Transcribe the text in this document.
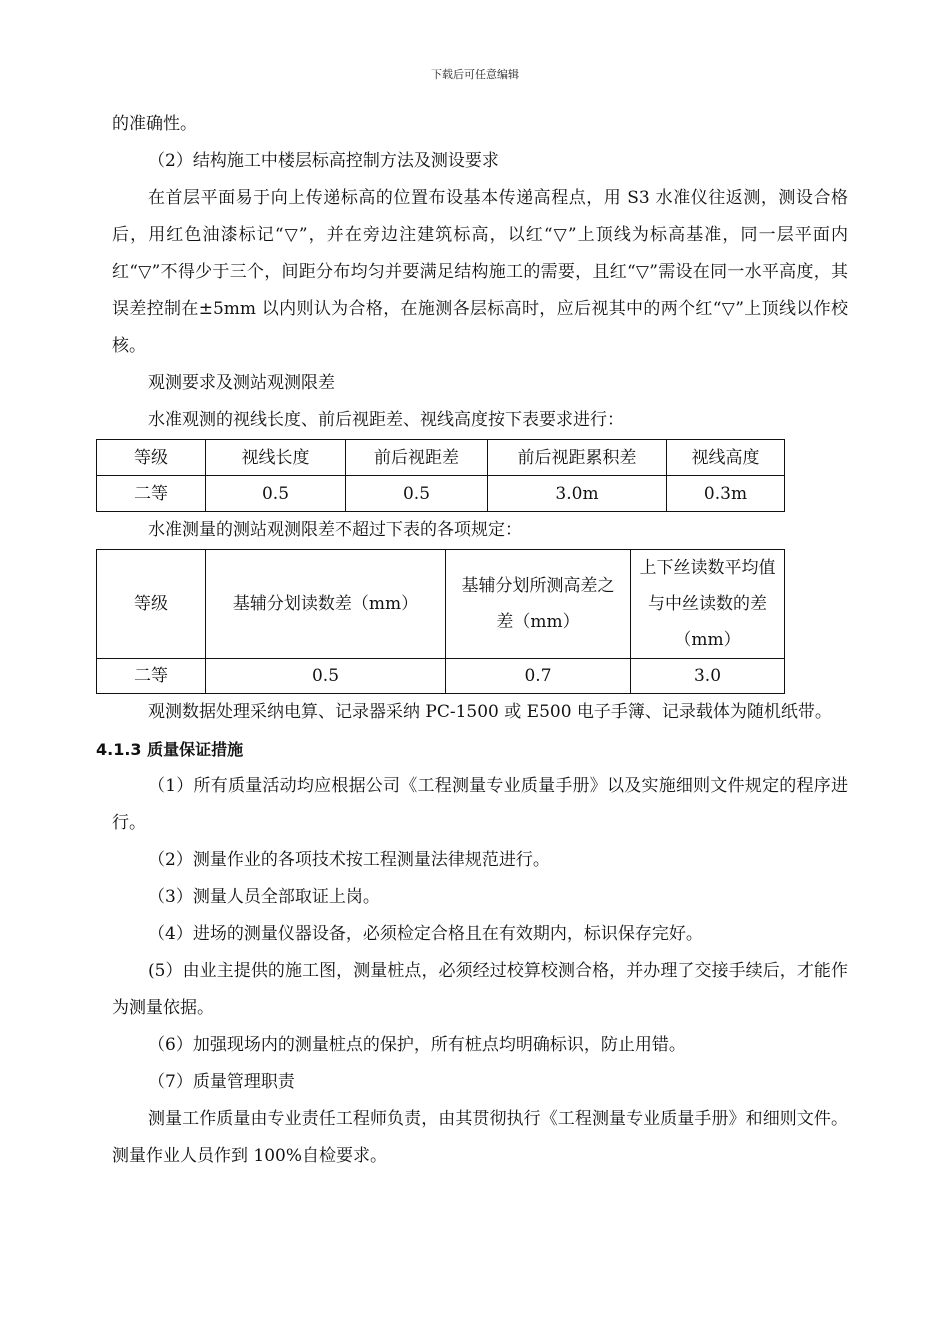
下载后可任意编辑

的准确性。

（2）结构施工中楼层标高控制方法及测设要求

在首层平面易于向上传递标高的位置布设基本传递高程点，用 S3 水准仪往返测，测设合格后，用红色油漆标记“▽”，并在旁边注建筑标高，以红“▽”上顶线为标高基准，同一层平面内红“▽”不得少于三个，间距分布均匀并要满足结构施工的需要，且红“▽”需设在同一水平高度，其误差控制在±5mm 以内则认为合格，在施测各层标高时，应后视其中的两个红“▽”上顶线以作校核。

观测要求及测站观测限差

水准观测的视线长度、前后视距差、视线高度按下表要求进行：

等级	视线长度	前后视距差	前后视距累积差	视线高度
二等	0.5	0.5	3.0m	0.3m

水准测量的测站观测限差不超过下表的各项规定：

等级	基辅分划读数差（mm）	基辅分划所测高差之差（mm）	上下丝读数平均值与中丝读数的差（mm）
二等	0.5	0.7	3.0

观测数据处理采纳电算、记录器采纳 PC-1500 或 E500 电子手簿、记录载体为随机纸带。

4.1.3 质量保证措施

（1）所有质量活动均应根据公司《工程测量专业质量手册》以及实施细则文件规定的程序进行。

（2）测量作业的各项技术按工程测量法律规范进行。

（3）测量人员全部取证上岗。

（4）进场的测量仪器设备，必须检定合格且在有效期内，标识保存完好。

(5）由业主提供的施工图，测量桩点，必须经过校算校测合格，并办理了交接手续后，才能作为测量依据。

（6）加强现场内的测量桩点的保护，所有桩点均明确标识，防止用错。

（7）质量管理职责

测量工作质量由专业责任工程师负责，由其贯彻执行《工程测量专业质量手册》和细则文件。测量作业人员作到 100%自检要求。
